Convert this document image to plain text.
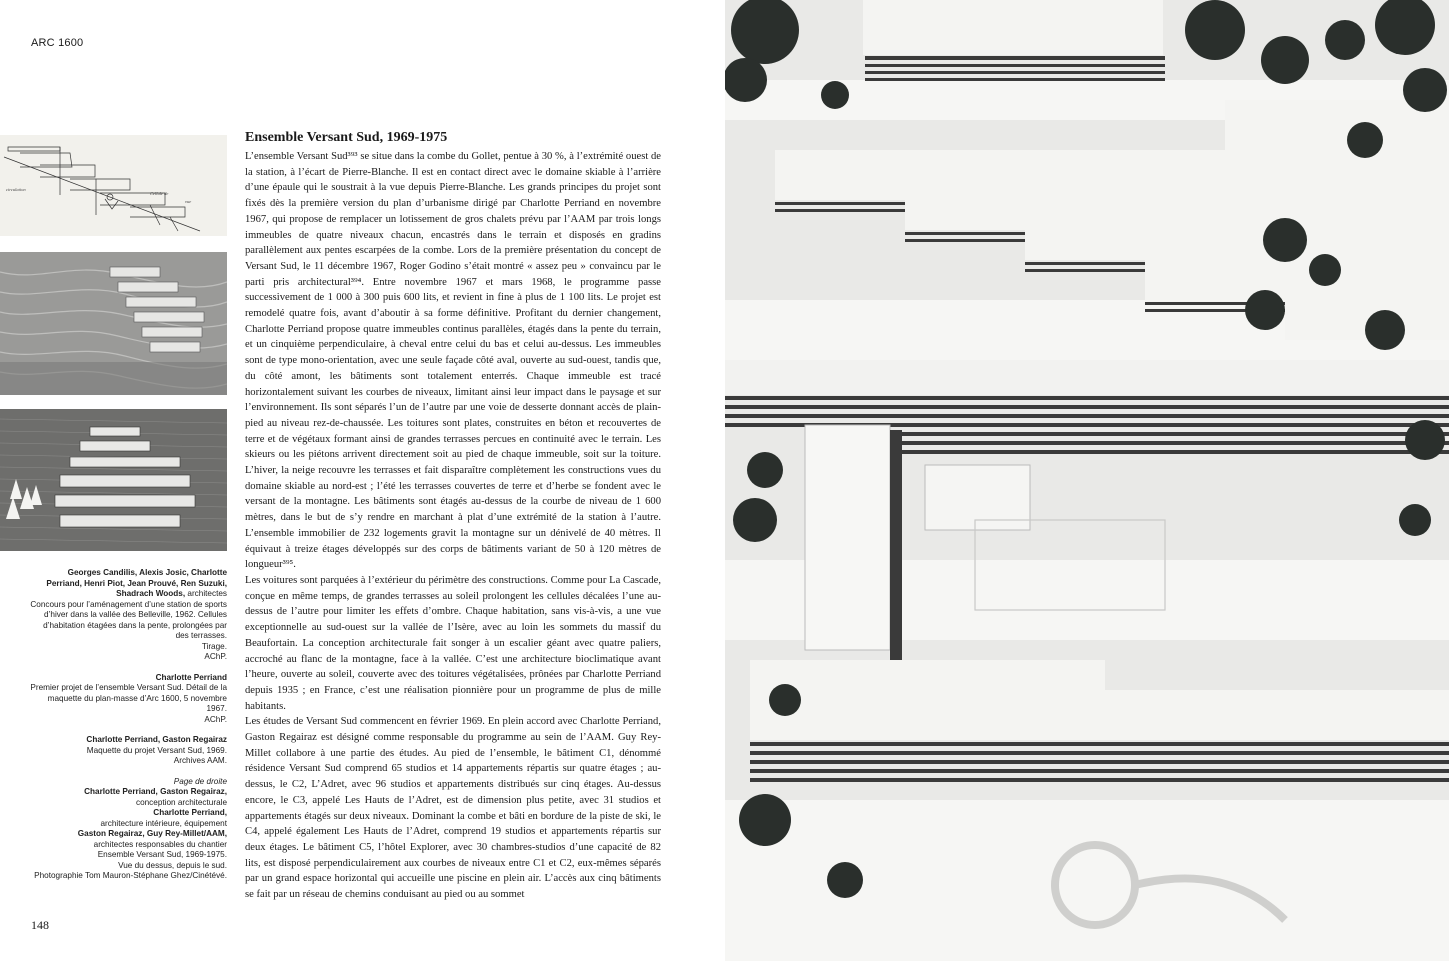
ARC 1600
Cellule de
vue
circulation

Georges Candilis, Alexis Josic, Charlotte Perriand, Henri Piot, Jean Prouvé, Ren Suzuki, Shadrach Woods, architectes

Concours pour l’aménagement d’une station de sports d’hiver dans la vallée des Belleville, 1962. Cellules d’habitation étagées dans la pente, prolongées par des terrasses.

Tirage.

AChP.

Charlotte Perriand

Premier projet de l’ensemble Versant Sud. Détail de la maquette du plan-masse d’Arc 1600, 5 novembre 1967.

AChP.

Charlotte Perriand, Gaston Regairaz

Maquette du projet Versant Sud, 1969.

Archives AAM.

Page de droite

Charlotte Perriand, Gaston Regairaz,

conception architecturale

Charlotte Perriand,

architecture intérieure, équipement

Gaston Regairaz, Guy Rey-Millet/AAM,

architectes responsables du chantier

Ensemble Versant Sud, 1969-1975.

Vue du dessus, depuis le sud.

Photographie Tom Mauron-Stéphane Ghez/Cinétévé.

Ensemble Versant Sud, 1969-1975

L’ensemble Versant Sud³⁹³ se situe dans la combe du Gollet, pentue à 30 %, à l’extrémité ouest de la station, à l’écart de Pierre-Blanche. Il est en contact direct avec le domaine skiable à l’arrière d’une épaule qui le soustrait à la vue depuis Pierre-Blanche. Les grands principes du projet sont fixés dès la première version du plan d’urbanisme dirigé par Charlotte Perriand en novembre 1967, qui propose de remplacer un lotissement de gros chalets prévu par l’AAM par trois longs immeubles de quatre niveaux chacun, encastrés dans le terrain et disposés en gradins parallèlement aux pentes escarpées de la combe. Lors de la première présentation du concept de Versant Sud, le 11 décembre 1967, Roger Godino s’était montré « assez peu » convaincu par le parti pris architectural³⁹⁴. Entre novembre 1967 et mars 1968, le programme passe successivement de 1 000 à 300 puis 600 lits, et revient in fine à plus de 1 100 lits. Le projet est remodelé quatre fois, avant d’aboutir à sa forme définitive. Profitant du dernier changement, Charlotte Perriand propose quatre immeubles continus parallèles, étagés dans la pente du terrain, et un cinquième perpendiculaire, à cheval entre celui du bas et celui au-dessus. Les immeubles sont de type mono-orientation, avec une seule façade côté aval, ouverte au sud-ouest, tandis que, du côté amont, les bâtiments sont totalement enterrés. Chaque immeuble est tracé horizontalement suivant les courbes de niveaux, limitant ainsi leur impact dans le paysage et sur l’environnement. Ils sont séparés l’un de l’autre par une voie de desserte donnant accès de plain-pied au niveau rez-de-chaussée. Les toitures sont plates, construites en béton et recouvertes de terre et de végétaux formant ainsi de grandes terrasses percues en continuité avec le terrain. Les skieurs ou les piétons arrivent directement soit au pied de chaque immeuble, soit sur la toiture. L’hiver, la neige recouvre les terrasses et fait disparaître complètement les constructions vues du domaine skiable au nord-est ; l’été les terrasses couvertes de terre et d’herbe se fondent avec le versant de la montagne. Les bâtiments sont étagés au-dessus de la courbe de niveau de 1 600 mètres, dans le but de s’y rendre en marchant à plat d’une extrémité de la station à l’autre. L’ensemble immobilier de 232 logements gravit la montagne sur un dénivelé de 40 mètres. Il équivaut à treize étages développés sur des corps de bâtiments variant de 50 à 120 mètres de longueur³⁹⁵.

Les voitures sont parquées à l’extérieur du périmètre des constructions. Comme pour La Cascade, conçue en même temps, de grandes terrasses au soleil prolongent les cellules décalées l’une au-dessus de l’autre pour limiter les effets d’ombre. Chaque habitation, sans vis-à-vis, a une vue exceptionnelle au sud-ouest sur la vallée de l’Isère, avec au loin les sommets du massif du Beaufortain. La conception architecturale fait songer à un escalier géant avec quatre paliers, accroché au flanc de la montagne, face à la vallée. C’est une architecture bioclimatique avant l’heure, ouverte au soleil, couverte avec des toitures végétalisées, prônées par Charlotte Perriand depuis 1935 ; en France, c’est une réalisation pionnière pour un programme de plus de mille habitants.

Les études de Versant Sud commencent en février 1969. En plein accord avec Charlotte Perriand, Gaston Regairaz est désigné comme responsable du programme au sein de l’AAM. Guy Rey-Millet collabore à une partie des études. Au pied de l’ensemble, le bâtiment C1, dénommé résidence Versant Sud comprend 65 studios et 14 appartements répartis sur quatre étages ; au-dessus, le C2, L’Adret, avec 96 studios et appartements distribués sur cinq étages. Au-dessus encore, le C3, appelé Les Hauts de l’Adret, est de dimension plus petite, avec 31 studios et appartements étagés sur deux niveaux. Dominant la combe et bâti en bordure de la piste de ski, le C4, appelé également Les Hauts de l’Adret, comprend 19 studios et appartements répartis sur deux étages. Le bâtiment C5, l’hôtel Explorer, avec 30 chambres-studios d’une capacité de 82 lits, est disposé perpendiculairement aux courbes de niveaux entre C1 et C2, eux-mêmes séparés par un grand espace horizontal qui accueille une piscine en plein air. L’accès aux cinq bâtiments se fait par un réseau de chemins conduisant au pied ou au sommet

148
